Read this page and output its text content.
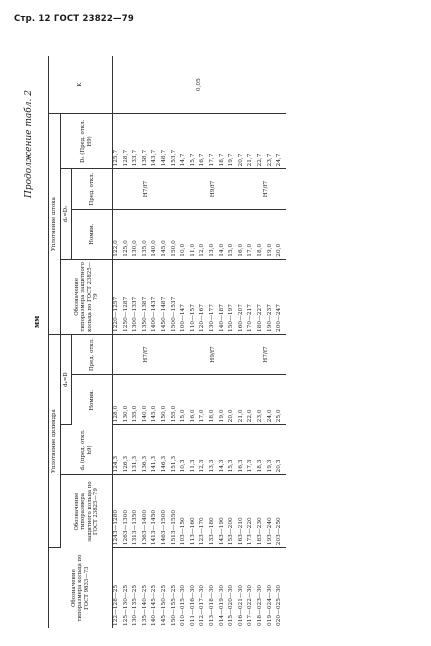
Стр. 12 ГОСТ 23822—79
мм
Продолжение табл. 2
Обозначение типоразмера кольца по ГОСТ 9833—73	Уплотнение цилиндра				Уплотнение штока				K
	Обозначение типоразмера защитного кольца по ГОСТ 23825—79	d₄ (пред. откл. h9)	d₄=D		Обозначение типоразмера защитного кольца по ГОСТ 23825—79	d₁=D₁		D₃ (Пред. откл. H9)	
			Номин.	Пред. откл.		Номин.	Пред. откл.		
122—128—25	1243—1280	124,3	128,0	H7/f7	1220—1257	122,0	H7/f7	125,7	0,05
125—130—25	1263—1300	126,3	130,0		1250—1287	125,0		128,7	
130—135—25	1313—1350	131,3	135,0		1300—1337	130,0		133,7	
135—140—25	1363—1400	136,3	140,0		1350—1387	135,0		138,7	
140—145—25	1413—1450	141,3	145,0		1400—1437	140,0		143,7	
145—150—25	1463—1500	146,3	150,0		1450—1487	145,0		148,7	
150—155—25	1513—1550	151,3	155,0		1500—1537	150,0		153,7	
010—015—30	103—150	10,3	15,0	H9/f7	100—147	10,0	H9/f7	14,7	
011—016—30	113—160	11,3	16,0		110—157	11,0		15,7	
012—017—30	123—170	12,3	17,0		120—167	12,0		16,7	
013—018—30	133—180	13,3	18,0		130—177	13,0		17,7	
014—019—30	143—190	14,3	19,0		140—187	14,0		18,7	
015—020—30	153—200	15,3	20,0		150—197	15,0		19,7	
016—021—30	163—210	16,3	21,0		160—207	16,0		20,7	
017—022—30	173—220	17,3	22,0	H7/f7	170—217	17,0	H7/f7	21,7	
018—023—30	183—230	18,3	23,0		180—227	18,0		22,7	
019—024—30	193—240	19,3	24,0		190—237	19,0		23,7	
020—025—30	203—250	20,3	25,0		200—247	20,0		24,7	
